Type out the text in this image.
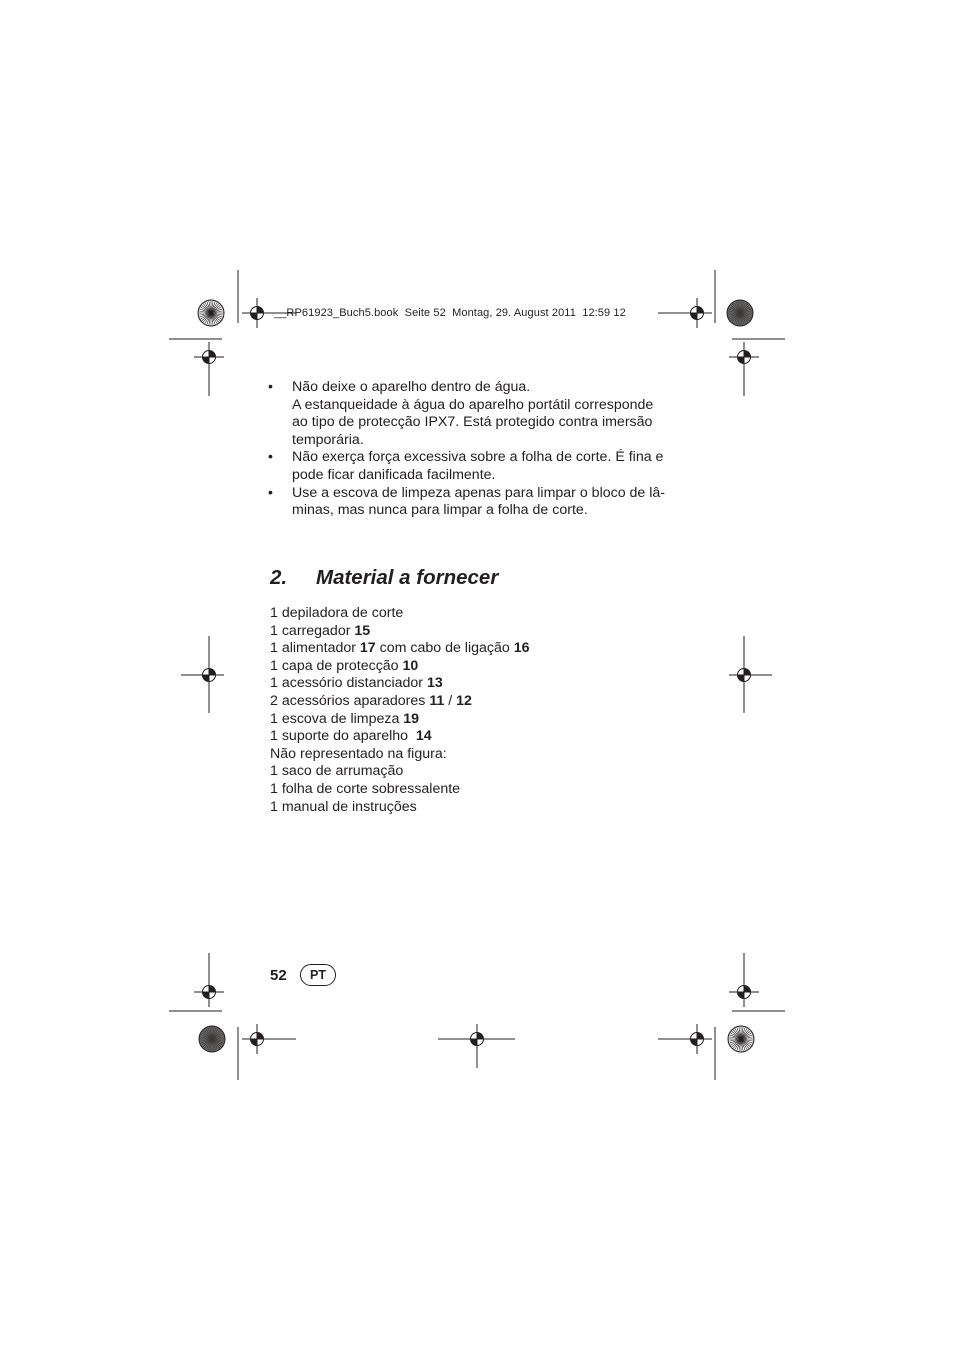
__RP61923_Buch5.book  Seite 52  Montag, 29. August 2011  12:59 12
• Não deixe o aparelho dentro de água.
A estanqueidade à água do aparelho portátil corresponde
ao tipo de protecção IPX7. Está protegido contra imersão
temporária.
• Não exerça força excessiva sobre a folha de corte. É fina e
pode ficar danificada facilmente.
• Use a escova de limpeza apenas para limpar o bloco de lâ-
minas, mas nunca para limpar a folha de corte.
2. Material a fornecer
1 depiladora de corte
1 carregador 15
1 alimentador 17 com cabo de ligação 16
1 capa de protecção 10
1 acessório distanciador 13
2 acessórios aparadores 11 / 12
1 escova de limpeza 19
1 suporte do aparelho  14
Não representado na figura:
1 saco de arrumação
1 folha de corte sobressalente
1 manual de instruções
52	PT
